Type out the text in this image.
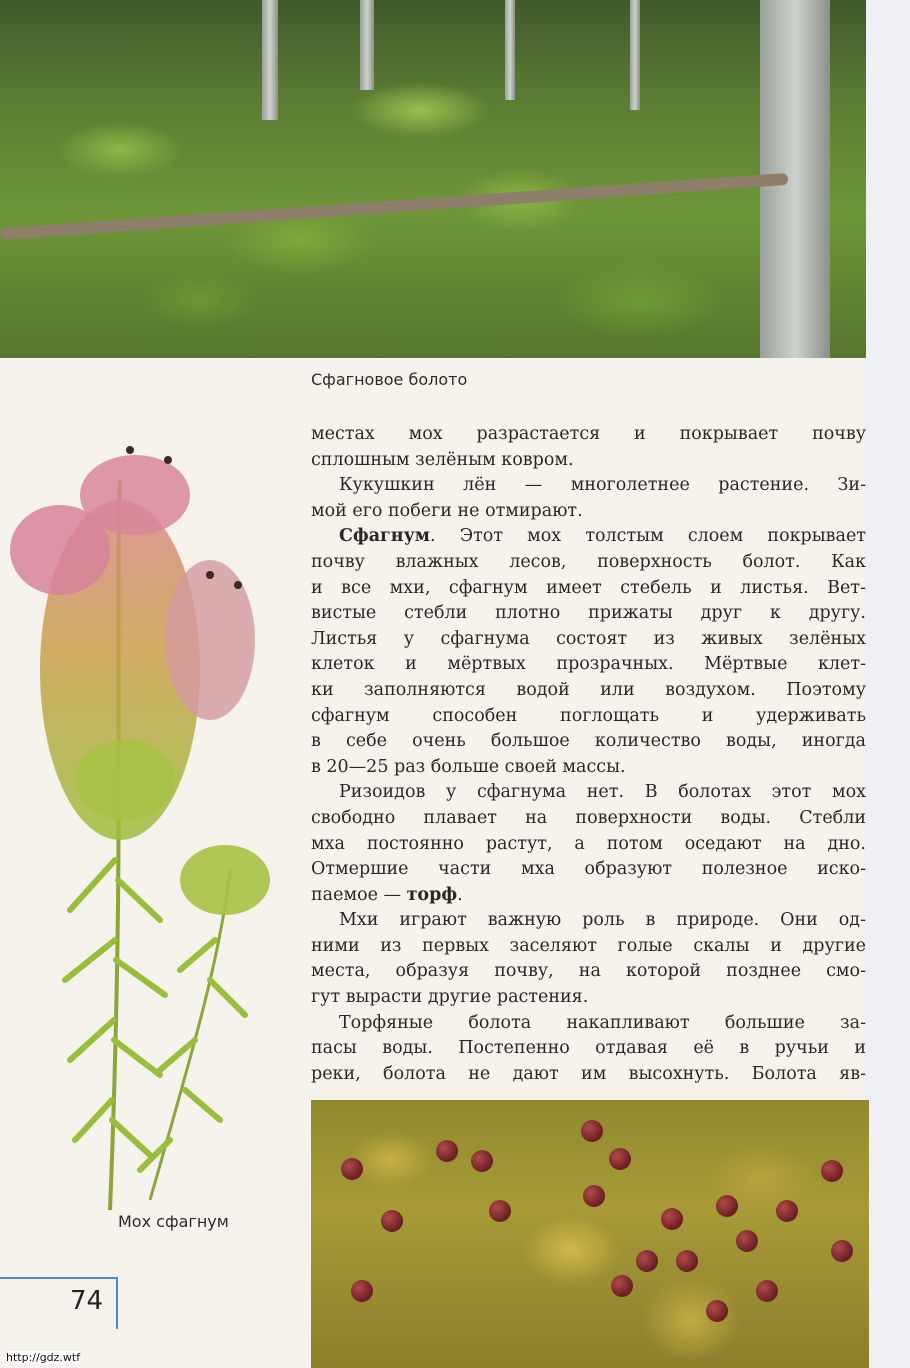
Сфагновое болото
Мох сфагнум
местах мох разрастается и покрывает почву
сплошным зелёным ковром.
Кукушкин лён — многолетнее растение. Зи-
мой его побеги не отмирают.
Сфагнум. Этот мох толстым слоем покрывает
почву влажных лесов, поверхность болот. Как
и все мхи, сфагнум имеет стебель и листья. Вет-
вистые стебли плотно прижаты друг к другу.
Листья у сфагнума состоят из живых зелёных
клеток и мёртвых прозрачных. Мёртвые клет-
ки заполняются водой или воздухом. Поэтому
сфагнум способен поглощать и удерживать
в себе очень большое количество воды, иногда
в 20—25 раз больше своей массы.
Ризоидов у сфагнума нет. В болотах этот мох
свободно плавает на поверхности воды. Стебли
мха постоянно растут, а потом оседают на дно.
Отмершие части мха образуют полезное иско-
паемое — торф.
Мхи играют важную роль в природе. Они од-
ними из первых заселяют голые скалы и другие
места, образуя почву, на которой позднее смо-
гут вырасти другие растения.
Торфяные болота накапливают большие за-
пасы воды. Постепенно отдавая её в ручьи и
реки, болота не дают им высохнуть. Болота яв-
74
http://gdz.wtf
